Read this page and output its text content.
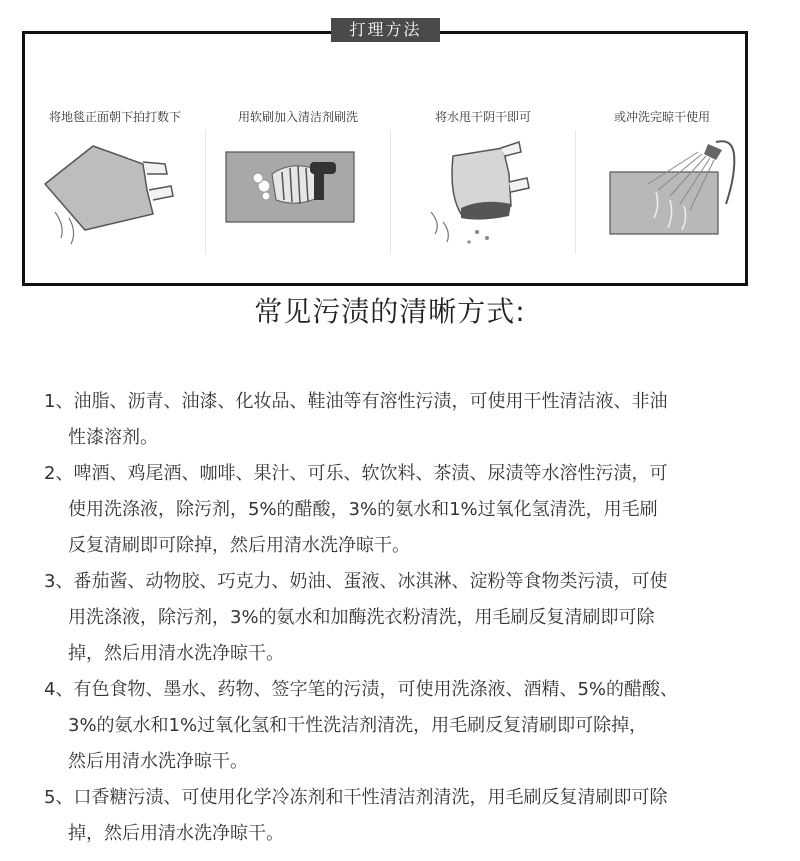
将地毯正面朝下拍打数下	用软刷加入清洁剂刷洗	将水甩干阴干即可	或冲洗完晾干使用
打理方法
常见污渍的清晰方式:
1、油脂、沥青、油漆、化妆品、鞋油等有溶性污渍，可使用干性清洁液、非油
性漆溶剂。
2、啤酒、鸡尾酒、咖啡、果汁、可乐、软饮料、茶渍、尿渍等水溶性污渍，可
使用洗涤液，除污剂，5%的醋酸，3%的氨水和1%过氧化氢清洗，用毛刷
反复清刷即可除掉，然后用清水洗净晾干。
3、番茄酱、动物胶、巧克力、奶油、蛋液、冰淇淋、淀粉等食物类污渍，可使
用洗涤液，除污剂，3%的氨水和加酶洗衣粉清洗，用毛刷反复清刷即可除
掉，然后用清水洗净晾干。
4、有色食物、墨水、药物、签字笔的污渍，可使用洗涤液、酒精、5%的醋酸、
3%的氨水和1%过氧化氢和干性洗洁剂清洗，用毛刷反复清刷即可除掉，
然后用清水洗净晾干。
5、口香糖污渍、可使用化学冷冻剂和干性清洁剂清洗，用毛刷反复清刷即可除
掉，然后用清水洗净晾干。
